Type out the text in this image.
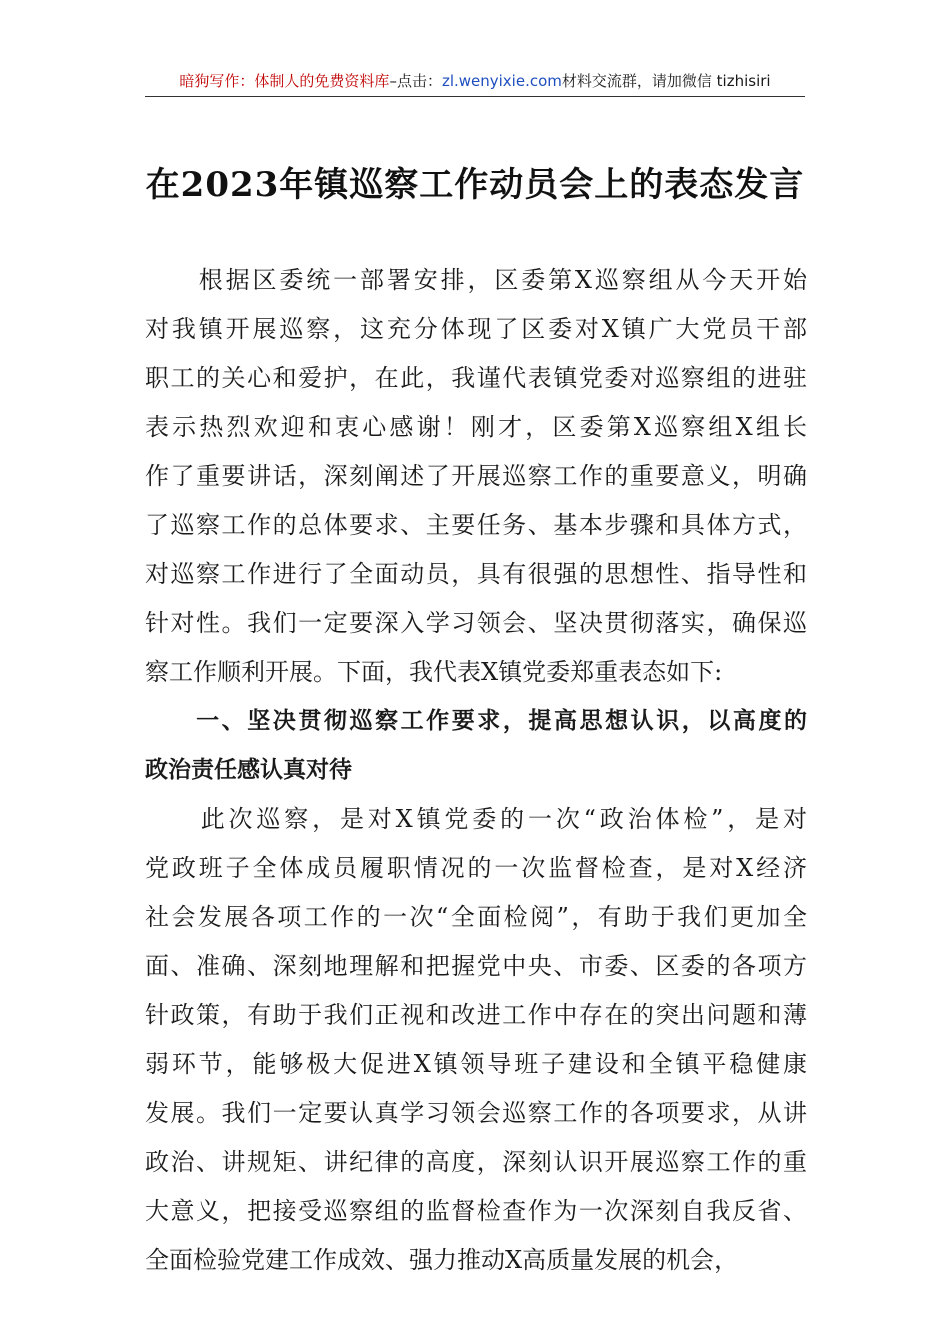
暗狗写作：体制人的免费资料库–点击：zl.wenyixie.com材料交流群，请加微信 tizhisiri
在2023年镇巡察工作动员会上的表态发言
　　根据区委统一部署安排，区委第X巡察组从今天开始
对我镇开展巡察，这充分体现了区委对X镇广大党员干部
职工的关心和爱护，在此，我谨代表镇党委对巡察组的进驻
表示热烈欢迎和衷心感谢！刚才，区委第X巡察组X组长
作了重要讲话，深刻阐述了开展巡察工作的重要意义，明确
了巡察工作的总体要求、主要任务、基本步骤和具体方式，
对巡察工作进行了全面动员，具有很强的思想性、指导性和
针对性。我们一定要深入学习领会、坚决贯彻落实，确保巡
察工作顺利开展。下面，我代表X镇党委郑重表态如下:
　　一、坚决贯彻巡察工作要求，提高思想认识，以高度的
政治责任感认真对待
　　此次巡察，是对X镇党委的一次“政治体检”，是对
党政班子全体成员履职情况的一次监督检查，是对X经济
社会发展各项工作的一次“全面检阅”，有助于我们更加全
面、准确、深刻地理解和把握党中央、市委、区委的各项方
针政策，有助于我们正视和改进工作中存在的突出问题和薄
弱环节，能够极大促进X镇领导班子建设和全镇平稳健康
发展。我们一定要认真学习领会巡察工作的各项要求，从讲
政治、讲规矩、讲纪律的高度，深刻认识开展巡察工作的重
大意义，把接受巡察组的监督检查作为一次深刻自我反省、
全面检验党建工作成效、强力推动X高质量发展的机会，
